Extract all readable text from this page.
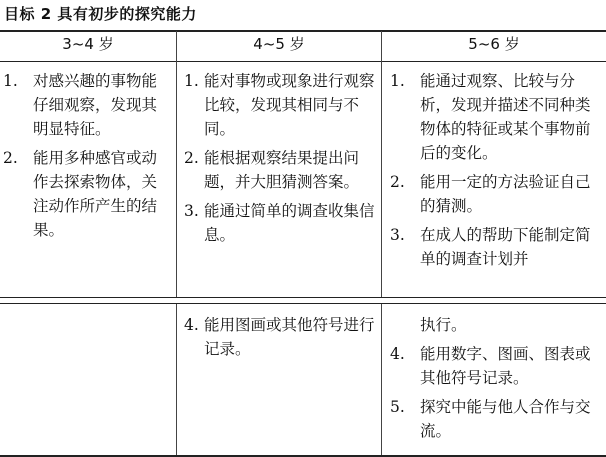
目标 2 具有初步的探究能力
3~4 岁	4~5 岁	5~6 岁
1. 对感兴趣的事物能仔细观察，发现其明显特征。
2. 能用多种感官或动作去探索物体，关注动作所产生的结果。
1. 能对事物或现象进行观察比较，发现其相同与不同。
2. 能根据观察结果提出问题，并大胆猜测答案。
3. 能通过简单的调查收集信息。
1. 能通过观察、比较与分析，发现并描述不同种类物体的特征或某个事物前后的变化。
2. 能用一定的方法验证自己的猜测。
3. 在成人的帮助下能制定简单的调查计划并
4. 能用图画或其他符号进行记录。
执行。
4. 能用数字、图画、图表或其他符号记录。
5. 探究中能与他人合作与交流。
